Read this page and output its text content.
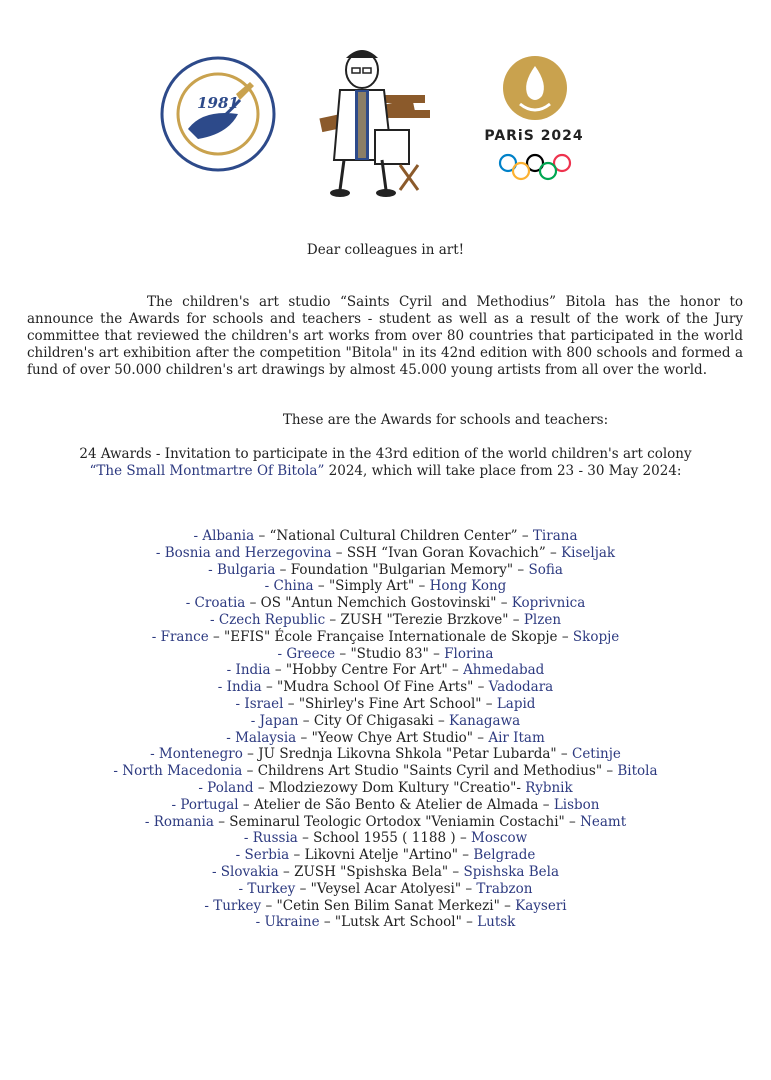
1981
PARiS 2024
Dear colleagues in art!
The children's art studio “Saints Cyril and Methodius” Bitola has the honor to announce the Awards for schools and teachers - student as well as a result of the work of the Jury committee that reviewed the children's art works from over 80 countries that participated in the world children's art exhibition after the competition "Bitola" in its 42nd edition with 800 schools and formed a fund of over 50.000 children's art drawings by almost 45.000 young artists from all over the world.
These are the Awards for schools and teachers:
24 Awards - Invitation to participate in the 43rd edition of the world children's art colony
“The Small Montmartre Of Bitola” 2024, which will take place from 23 - 30 May 2024:
- Albania – “National Cultural Children Center” – Tirana
- Bosnia and Herzegovina – SSH “Ivan Goran Kovachich” – Kiseljak
- Bulgaria – Foundation "Bulgarian Memory" – Sofia
- China – "Simply Art" – Hong Kong
- Croatia – OS "Antun Nemchich Gostovinski" – Koprivnica
- Czech Republic – ZUSH "Terezie Brzkove" – Plzen
- France – "EFIS" École Française Internationale de Skopje – Skopje
- Greece – "Studio 83" – Florina
- India – "Hobby Centre For Art" – Ahmedabad
- India – "Mudra School Of Fine Arts" – Vadodara
- Israel – "Shirley's Fine Art School" – Lapid
- Japan – City Of Chigasaki – Kanagawa
- Malaysia – "Yeow Chye Art Studio" – Air Itam
- Montenegro – JU Srednja Likovna Shkola "Petar Lubarda" – Cetinje
- North Macedonia – Childrens Art Studio "Saints Cyril and Methodius" – Bitola
- Poland – Mlodziezowy Dom Kultury "Creatio"- Rybnik
- Portugal – Atelier de São Bento & Atelier de Almada – Lisbon
- Romania – Seminarul Teologic Ortodox "Veniamin Costachi" – Neamt
- Russia – School 1955 ( 1188 ) – Moscow
- Serbia – Likovni Atelje "Artino" – Belgrade
- Slovakia – ZUSH "Spishska Bela" – Spishska Bela
- Turkey – "Veysel Acar Atolyesi" – Trabzon
- Turkey – "Cetin Sen Bilim Sanat Merkezi" – Kayseri
- Ukraine – "Lutsk Art School" – Lutsk
